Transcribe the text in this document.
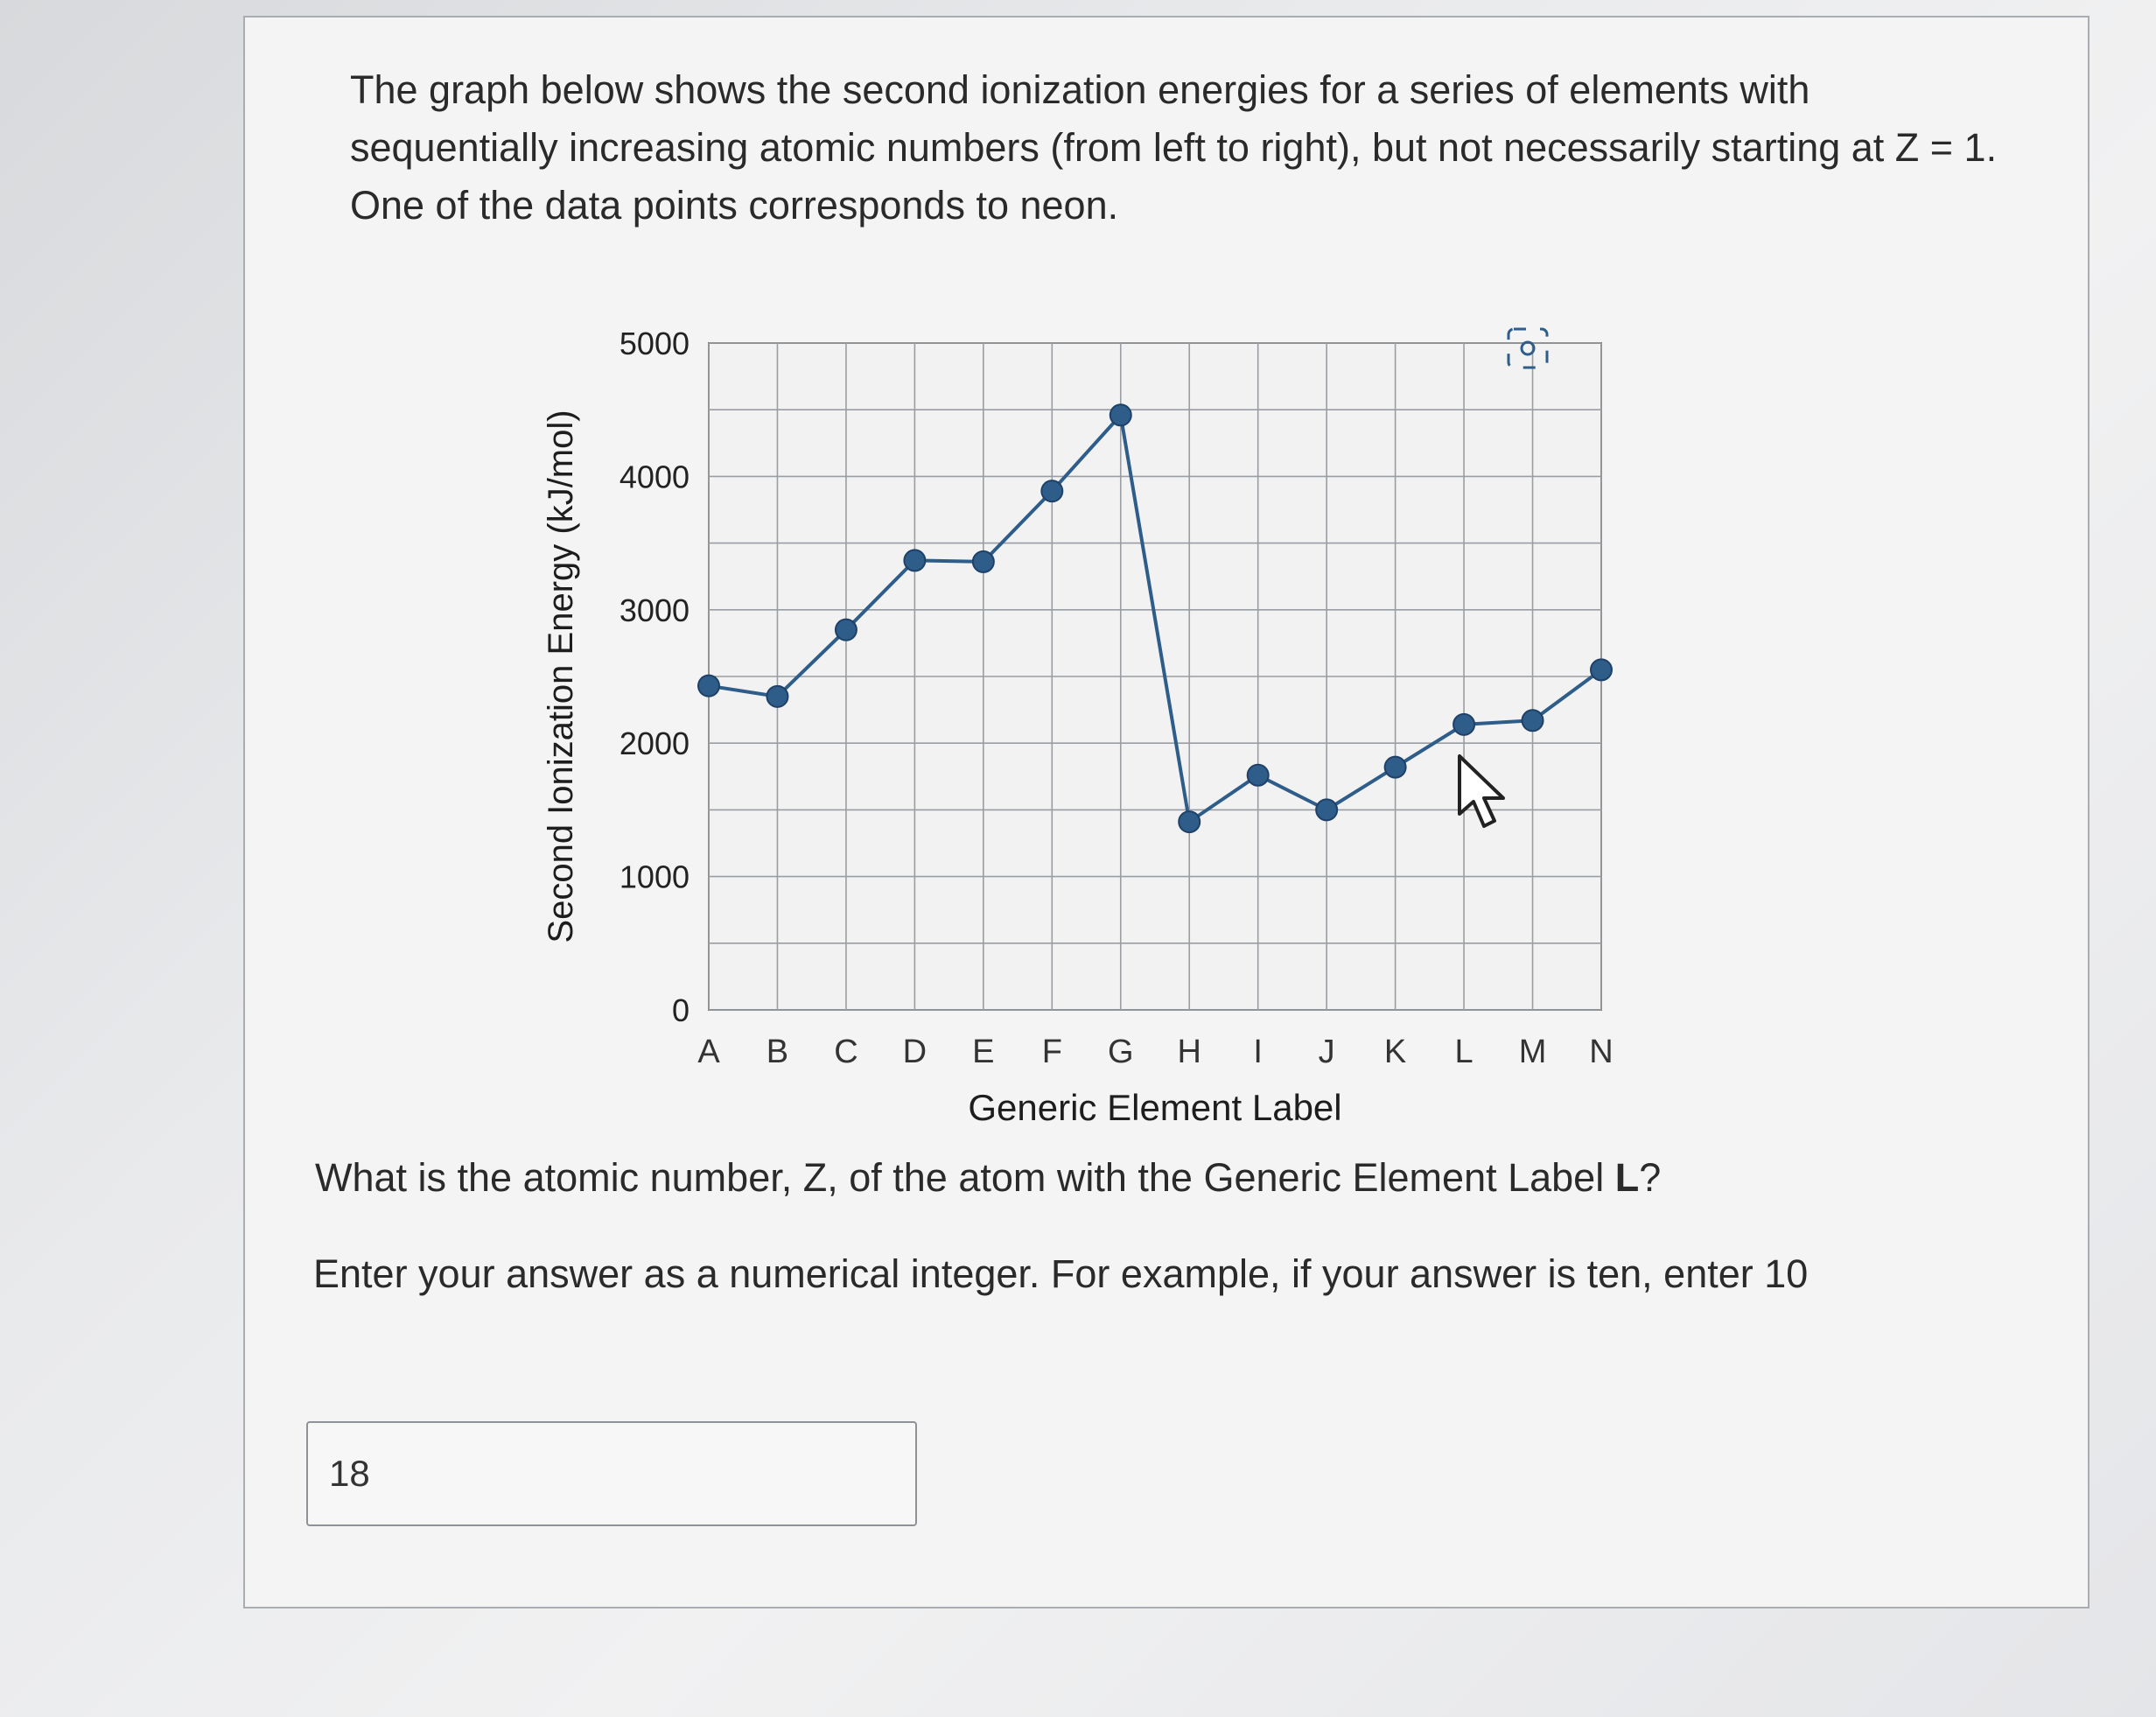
The graph below shows the second ionization energies for a series of elements with sequentially increasing atomic numbers (from left to right), but not necessarily starting at Z = 1. One of the data points corresponds to neon.

0
1000
2000
3000
4000
5000
A B C D E F G H I J K L M N
Generic Element Label
Second Ionization Energy (kJ/mol)

What is the atomic number, Z, of the atom with the Generic Element Label L?

Enter your answer as a numerical integer. For example, if your answer is ten, enter 10

18
